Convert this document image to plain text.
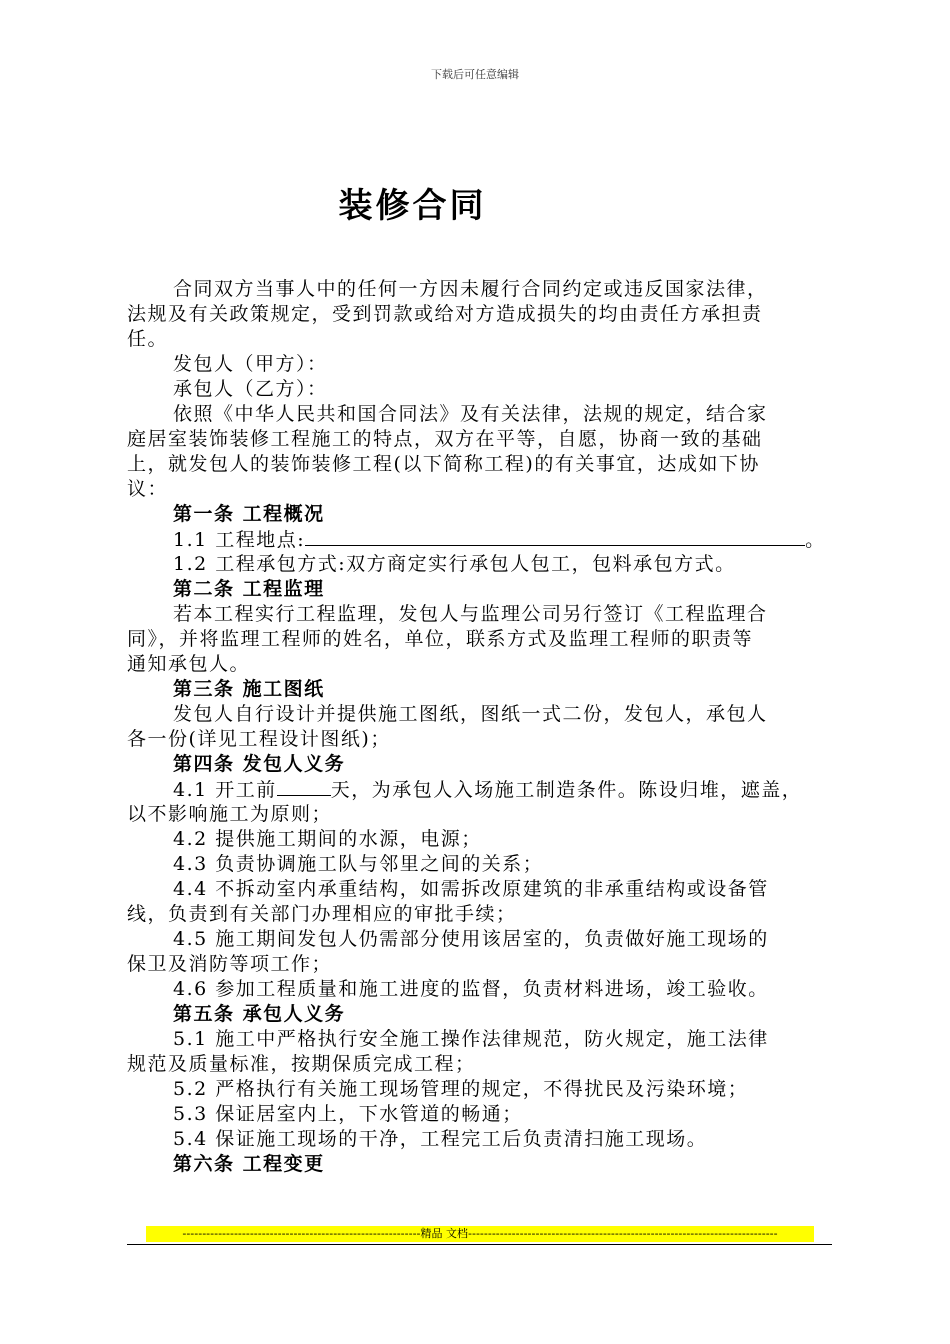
下载后可任意编辑
装修合同
合同双方当事人中的任何一方因未履行合同约定或违反国家法律，
法规及有关政策规定，受到罚款或给对方造成损失的均由责任方承担责
任。
发包人（甲方）：
承包人（乙方）：
依照《中华人民共和国合同法》及有关法律，法规的规定，结合家
庭居室装饰装修工程施工的特点，双方在平等，自愿，协商一致的基础
上，就发包人的装饰装修工程(以下简称工程)的有关事宜，达成如下协
议：
第一条 工程概况
1.1 工程地点:	。
1.2 工程承包方式:双方商定实行承包人包工，包料承包方式。
第二条 工程监理
若本工程实行工程监理，发包人与监理公司另行签订《工程监理合
同》，并将监理工程师的姓名，单位，联系方式及监理工程师的职责等
通知承包人。
第三条 施工图纸
发包人自行设计并提供施工图纸，图纸一式二份，发包人，承包人
各一份(详见工程设计图纸)；
第四条 发包人义务
4.1 开工前	天，为承包人入场施工制造条件。陈设归堆，遮盖，
以不影响施工为原则；
4.2 提供施工期间的水源，电源；
4.3 负责协调施工队与邻里之间的关系；
4.4 不拆动室内承重结构，如需拆改原建筑的非承重结构或设备管
线，负责到有关部门办理相应的审批手续；
4.5 施工期间发包人仍需部分使用该居室的，负责做好施工现场的
保卫及消防等项工作；
4.6 参加工程质量和施工进度的监督，负责材料进场，竣工验收。
第五条 承包人义务
5.1 施工中严格执行安全施工操作法律规范，防火规定，施工法律
规范及质量标准，按期保质完成工程；
5.2 严格执行有关施工现场管理的规定，不得扰民及污染环境；
5.3 保证居室内上，下水管道的畅通；
5.4 保证施工现场的干净，工程完工后负责清扫施工现场。
第六条 工程变更
------------------------------------------------------------精品 文档------------------------------------------------------------------------------
